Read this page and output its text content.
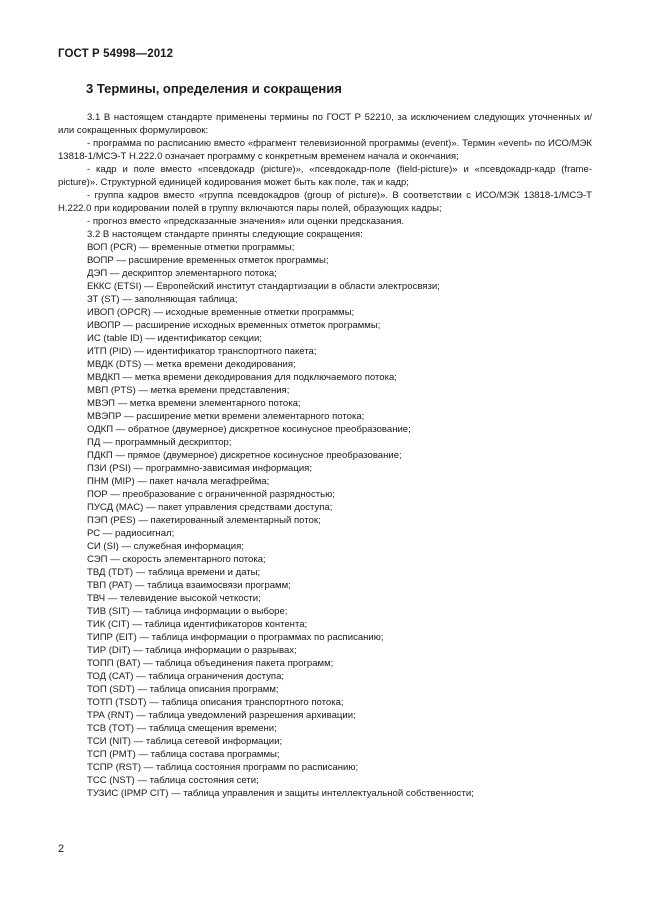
ГОСТ Р 54998—2012
3 Термины, определения и сокращения

3.1 В настоящем стандарте применены термины по ГОСТ Р 52210, за исключением следующих уточненных и/или сокращенных формулировок:

- программа по расписанию вместо «фрагмент телевизионной программы (event)». Термин «event» по ИСО/МЭК 13818-1/МСЭ-Т Н.222.0 означает программу с конкретным временем начала и окончания;

- кадр и поле вместо «псевдокадр (picture)», «псевдокадр-поле (field-picture)» и «псевдокадр-кадр (frame-picture)». Структурной единицей кодирования может быть как поле, так и кадр;

- группа кадров вместо «группа псевдокадров (group of picture)». В соответствии с ИСО/МЭК 13818-1/МСЭ-Т Н.222.0 при кодировании полей в группу включаются пары полей, образующих кадры;

- прогноз вместо «предсказанные значения» или оценки предсказания.

3.2 В настоящем стандарте приняты следующие сокращения:

ВОП (PCR) — временные отметки программы;

ВОПР — расширение временных отметок программы;

ДЭП — дескриптор элементарного потока;

ЕККС (ETSI) — Европейский институт стандартизации в области электросвязи;

ЗТ (ST) — заполняющая таблица;

ИВОП (OPCR) — исходные временные отметки программы;

ИВОПР — расширение исходных временных отметок программы;

ИС (table ID) — идентификатор секции;

ИТП (PID) — идентификатор транспортного пакета;

МВДК (DTS) — метка времени декодирования;

МВДКП — метка времени декодирования для подключаемого потока;

МВП (PTS) — метка времени представления;

МВЭП — метка времени элементарного потока;

МВЭПР — расширение метки времени элементарного потока;

ОДКП — обратное (двумерное) дискретное косинусное преобразование;

ПД — программный дескриптор;

ПДКП — прямое (двумерное) дискретное косинусное преобразование;

ПЗИ (PSI) — программно-зависимая информация;

ПНМ (MIP) — пакет начала мегафрейма;

ПОР — преобразование с ограниченной разрядностью;

ПУСД (MAC) — пакет управления средствами доступа;

ПЭП (PES) — пакетированный элементарный поток;

РС — радиосигнал;

СИ (SI) — служебная информация;

СЭП — скорость элементарного потока;

ТВД (TDT) — таблица времени и даты;

ТВП (PAT) — таблица взаимосвязи программ;

ТВЧ — телевидение высокой четкости;

ТИВ (SIT) — таблица информации о выборе;

ТИК (CIT) — таблица идентификаторов контента;

ТИПР (EIT) — таблица информации о программах по расписанию;

ТИР (DIT) — таблица информации о разрывах;

ТОПП (BAT) — таблица объединения пакета программ;

ТОД (CAT) — таблица ограничения доступа;

ТОП (SDT) — таблица описания программ;

ТОТП (TSDT) — таблица описания транспортного потока;

ТРА (RNT) — таблица уведомлений разрешения архивации;

ТСВ (TOT) — таблица смещения времени;

ТСИ (NIT) — таблица сетевой информации;

ТСП (PMT) — таблица состава программы;

ТСПР (RST) — таблица состояния программ по расписанию;

ТСС (NST) — таблица состояния сети;

ТУЗИС (IPMP CIT) — таблица управления и защиты интеллектуальной собственности;

2
